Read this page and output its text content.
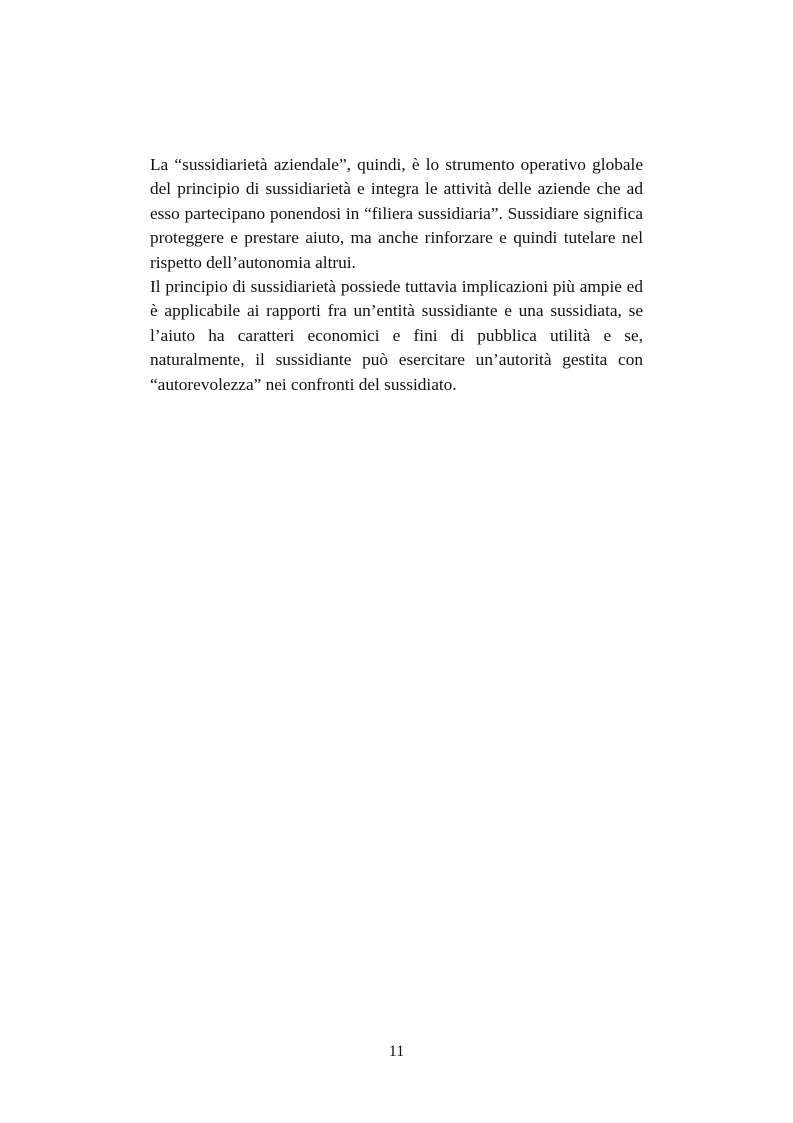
La “sussidiarietà aziendale”, quindi, è lo strumento operativo globale del principio di sussidiarietà e integra le attività delle aziende che ad esso partecipano ponendosi in “filiera sussidiaria”. Sussidiare significa proteggere e prestare aiuto, ma anche rinforzare e quindi tutelare nel rispetto dell’autonomia altrui.

Il principio di sussidiarietà possiede tuttavia implicazioni più ampie ed è applicabile ai rapporti fra un’entità sussidiante e una sussidiata, se l’aiuto ha caratteri economici e fini di pubblica utilità e se, naturalmente, il sussidiante può esercitare un’autorità gestita con “autorevolezza” nei confronti del sussidiato.

11
